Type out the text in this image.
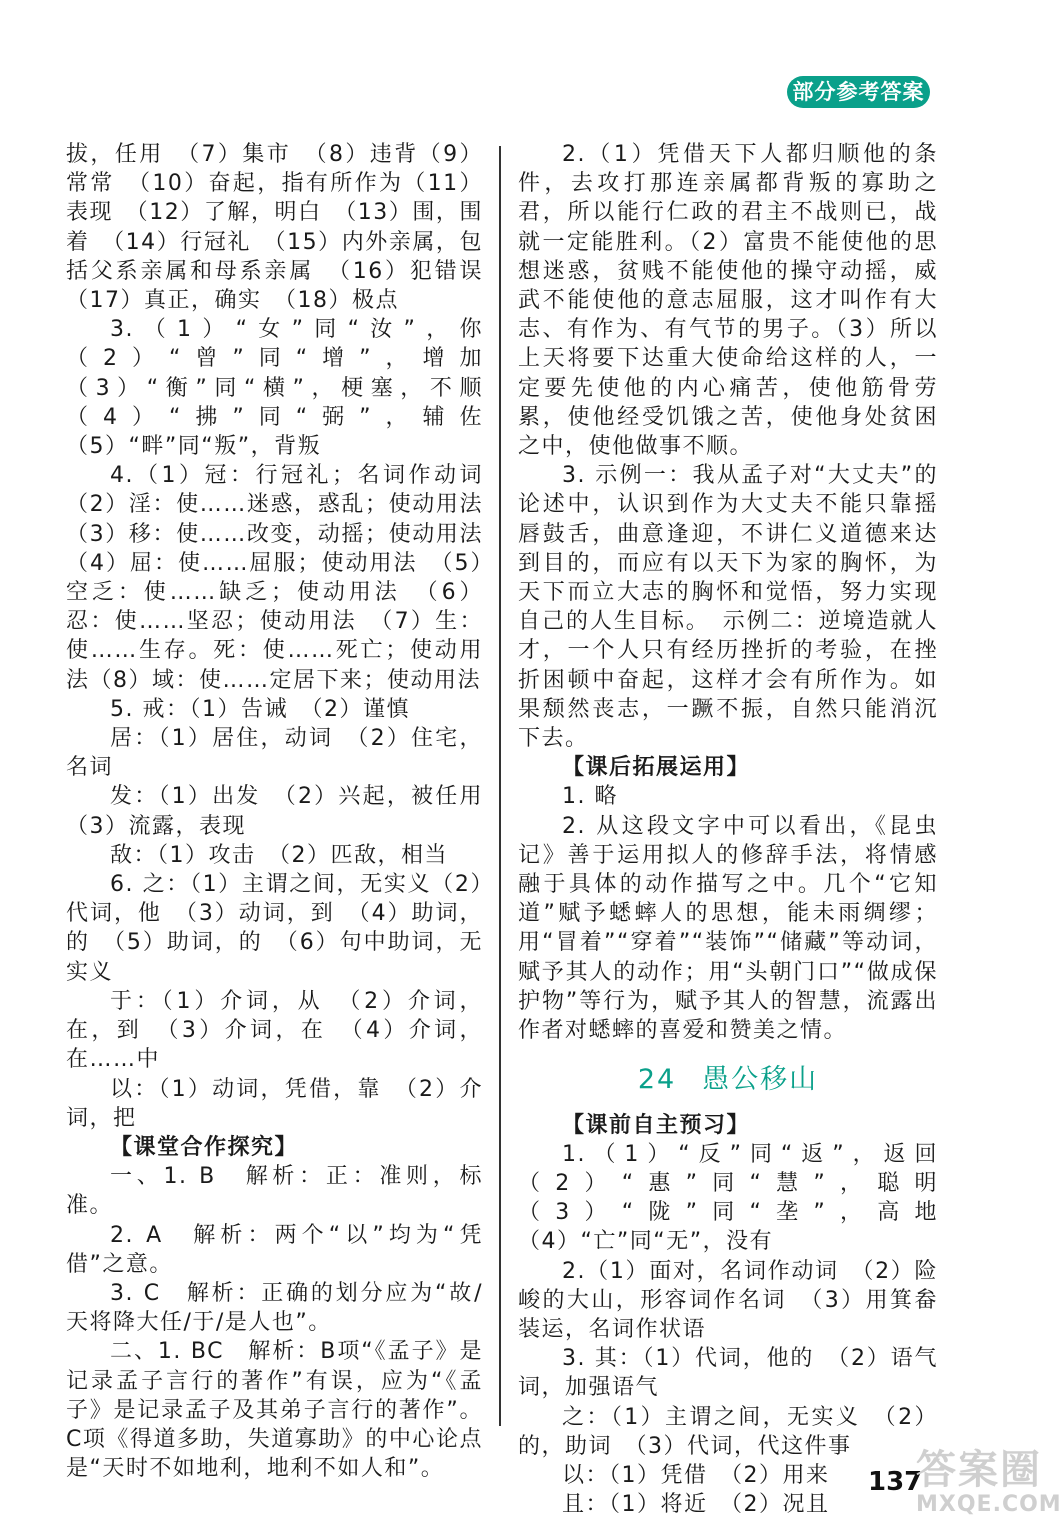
部分参考答案

拔，任用　（7）集市　（8）违背（9）常常　（10）奋起，指有所作为（11）表现　（12）了解，明白　（13）围，围着　（14）行冠礼　（15）内外亲属，包括父系亲属和母系亲属　（16）犯错误（17）真正，确实　（18）极点

3.（1）“女”同“汝”，你　（2）“曾”同“增”，增加　（3）“衡”同“横”，梗塞，不顺　（4）“拂”同“弼”，辅佐（5）“畔”同“叛”，背叛

4.（1）冠：行冠礼；名词作动词（2）淫：使……迷惑，惑乱；使动用法（3）移：使……改变，动摇；使动用法（4）屈：使……屈服；使动用法　（5）空乏：使……缺乏；使动用法　（6）忍：使……坚忍；使动用法　（7）生：使……生存。死：使……死亡；使动用法（8）域：使……定居下来；使动用法

5. 戒：（1）告诫　（2）谨慎

居：（1）居住，动词　（2）住宅，名词

发：（1）出发　（2）兴起，被任用（3）流露，表现

敌：（1）攻击　（2）匹敌，相当

6. 之：（1）主谓之间，无实义（2）代词，他　（3）动词，到　（4）助词，的　（5）助词，的　（6）句中助词，无实义

于：（1）介词，从　（2）介词，在，到　（3）介词，在　（4）介词，在……中

以：（1）动词，凭借，靠　（2）介词，把

【课堂合作探究】

一、1. B　解析：正：准则，标准。

2. A　解析：两个“以”均为“凭借”之意。

3. C　解析：正确的划分应为“故/天将降大任/于/是人也”。

二、1. BC　解析：B项“《孟子》是记录孟子言行的著作”有误，应为“《孟子》是记录孟子及其弟子言行的著作”。C项《得道多助，失道寡助》的中心论点是“天时不如地利，地利不如人和”。

2.（1）凭借天下人都归顺他的条件，去攻打那连亲属都背叛的寡助之君，所以能行仁政的君主不战则已，战就一定能胜利。（2）富贵不能使他的思想迷惑，贫贱不能使他的操守动摇，威武不能使他的意志屈服，这才叫作有大志、有作为、有气节的男子。（3）所以上天将要下达重大使命给这样的人，一定要先使他的内心痛苦，使他筋骨劳累，使他经受饥饿之苦，使他身处贫困之中，使他做事不顺。

3. 示例一：我从孟子对“大丈夫”的论述中，认识到作为大丈夫不能只靠摇唇鼓舌，曲意逢迎，不讲仁义道德来达到目的，而应有以天下为家的胸怀，为天下而立大志的胸怀和觉悟，努力实现自己的人生目标。　示例二：逆境造就人才，一个人只有经历挫折的考验，在挫折困顿中奋起，这样才会有所作为。如果颓然丧志，一蹶不振，自然只能消沉下去。

【课后拓展运用】

1. 略

2. 从这段文字中可以看出，《昆虫记》善于运用拟人的修辞手法，将情感融于具体的动作描写之中。几个“它知道”赋予蟋蟀人的思想，能未雨绸缪；用“冒着”“穿着”“装饰”“储藏”等动词，赋予其人的动作；用“头朝门口”“做成保护物”等行为，赋予其人的智慧，流露出作者对蟋蟀的喜爱和赞美之情。

24 愚公移山

【课前自主预习】

1.（1）“反”同“返”，返回　（2）“惠”同“慧”，聪明　（3）“陇”同“垄”，高地　（4）“亡”同“无”，没有

2.（1）面对，名词作动词　（2）险峻的大山，形容词作名词　（3）用箕畚装运，名词作状语

3. 其：（1）代词，他的　（2）语气词，加强语气

之：（1）主谓之间，无实义　（2）的，助词　（3）代词，代这件事

以：（1）凭借　（2）用来

且：（1）将近　（2）况且

137
答案圈
MXQE.COM
